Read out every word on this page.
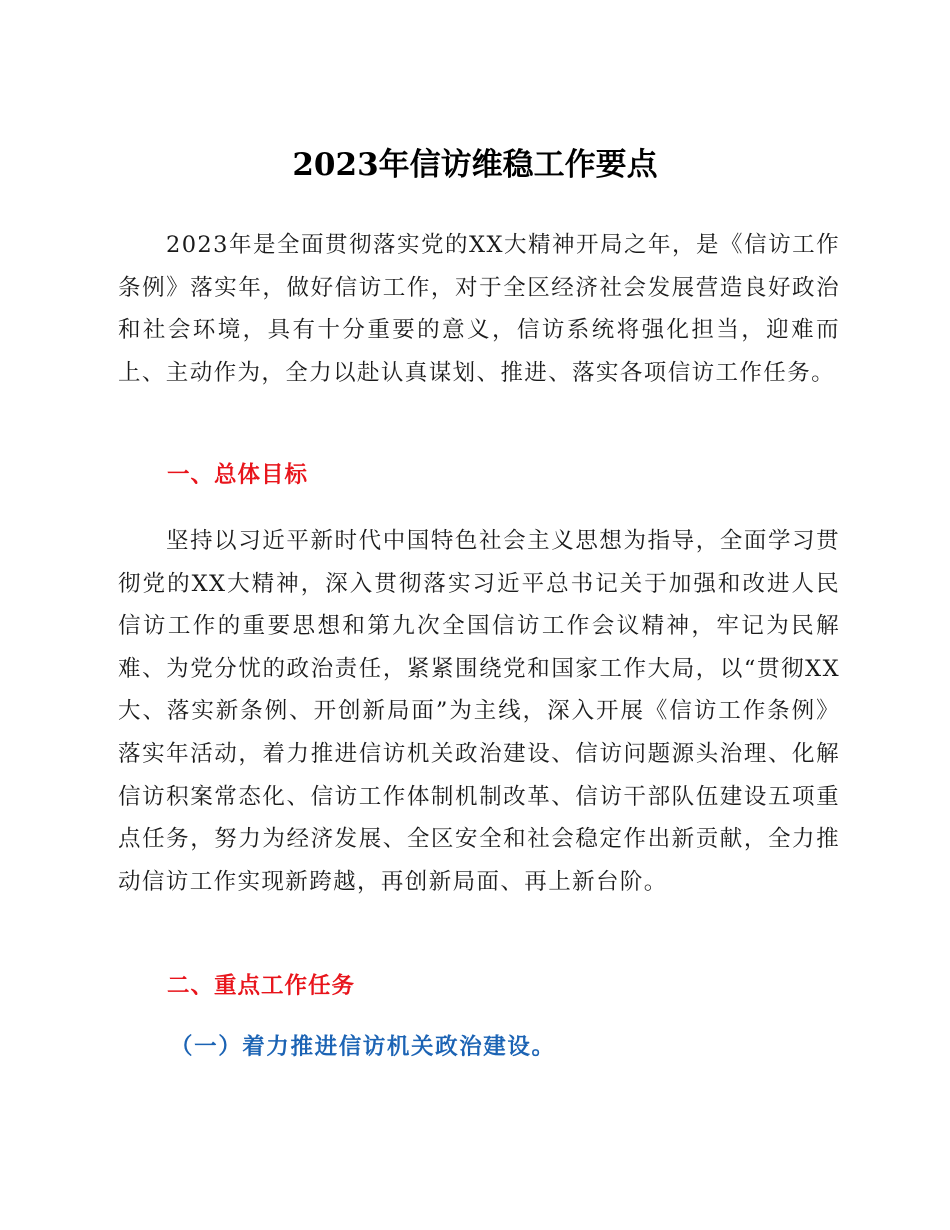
2023年信访维稳工作要点

2023年是全面贯彻落实党的XX大精神开局之年，是《信访工作条例》落实年，做好信访工作，对于全区经济社会发展营造良好政治和社会环境，具有十分重要的意义，信访系统将强化担当，迎难而上、主动作为，全力以赴认真谋划、推进、落实各项信访工作任务。

一、总体目标

坚持以习近平新时代中国特色社会主义思想为指导，全面学习贯彻党的XX大精神，深入贯彻落实习近平总书记关于加强和改进人民信访工作的重要思想和第九次全国信访工作会议精神，牢记为民解难、为党分忧的政治责任，紧紧围绕党和国家工作大局，以“贯彻XX大、落实新条例、开创新局面”为主线，深入开展《信访工作条例》落实年活动，着力推进信访机关政治建设、信访问题源头治理、化解信访积案常态化、信访工作体制机制改革、信访干部队伍建设五项重点任务，努力为经济发展、全区安全和社会稳定作出新贡献，全力推动信访工作实现新跨越，再创新局面、再上新台阶。

二、重点工作任务
（一）着力推进信访机关政治建设。
